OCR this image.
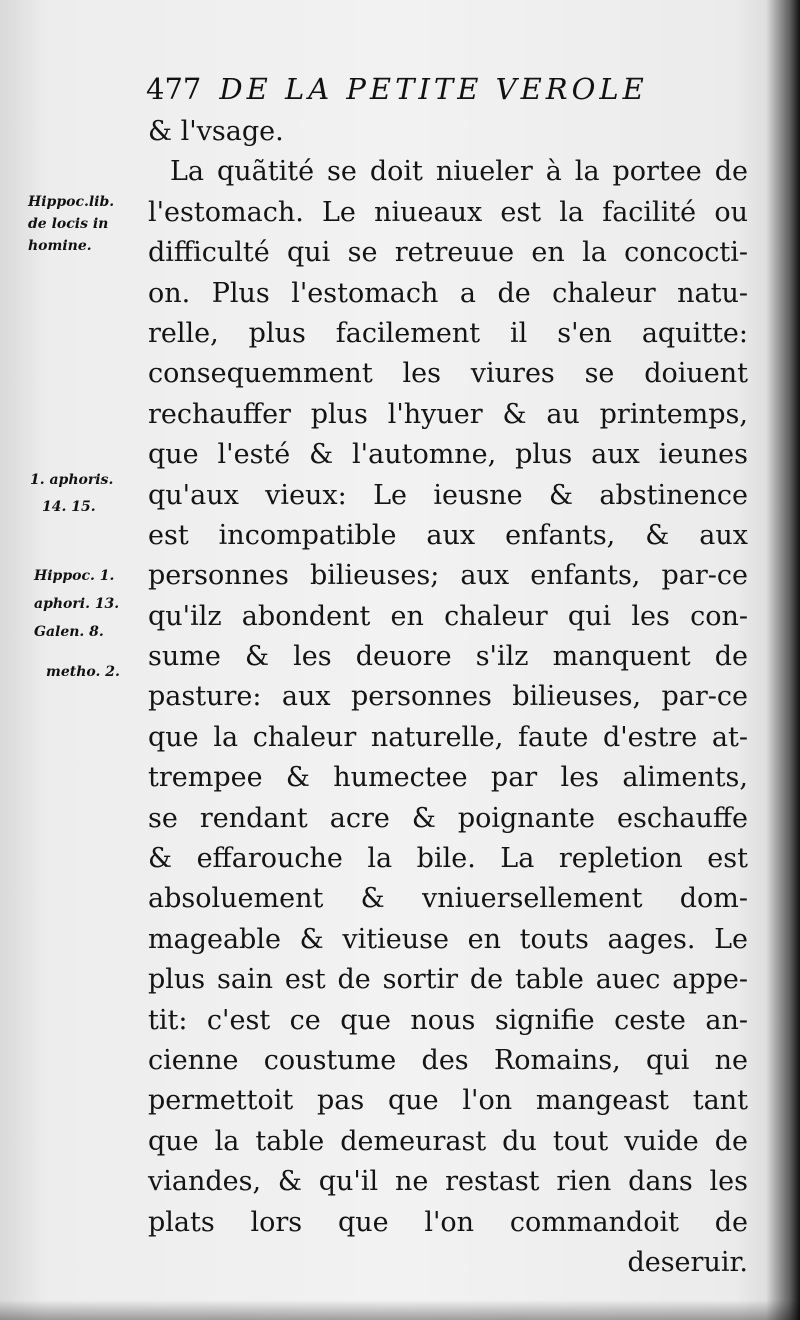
477 DE LA PETITE VEROLE
Hippoc.lib.
de locis in
homine.
1. aphoris.
14. 15.
Hippoc. 1.
aphori. 13.
Galen. 8.
metho. 2.
& l'vsage.
La quãtité se doit niueler à la portee de
l'estomach. Le niueaux est la facilité ou
difficulté qui se retreuue en la concocti-
on. Plus l'estomach a de chaleur natu-
relle, plus facilement il s'en aquitte:
consequemment les viures se doiuent
rechauffer plus l'hyuer & au printemps,
que l'esté & l'automne, plus aux ieunes
qu'aux vieux: Le ieusne & abstinence
est incompatible aux enfants, & aux
personnes bilieuses; aux enfants, par-ce
qu'ilz abondent en chaleur qui les con-
sume & les deuore s'ilz manquent de
pasture: aux personnes bilieuses, par-ce
que la chaleur naturelle, faute d'estre at-
trempee & humectee par les aliments,
se rendant acre & poignante eschauffe
& effarouche la bile. La repletion est
absoluement & vniuersellement dom-
mageable & vitieuse en touts aages. Le
plus sain est de sortir de table auec appe-
tit: c'est ce que nous signifie ceste an-
cienne coustume des Romains, qui ne
permettoit pas que l'on mangeast tant
que la table demeurast du tout vuide de
viandes, & qu'il ne restast rien dans les
plats lors que l'on commandoit de
deseruir.
